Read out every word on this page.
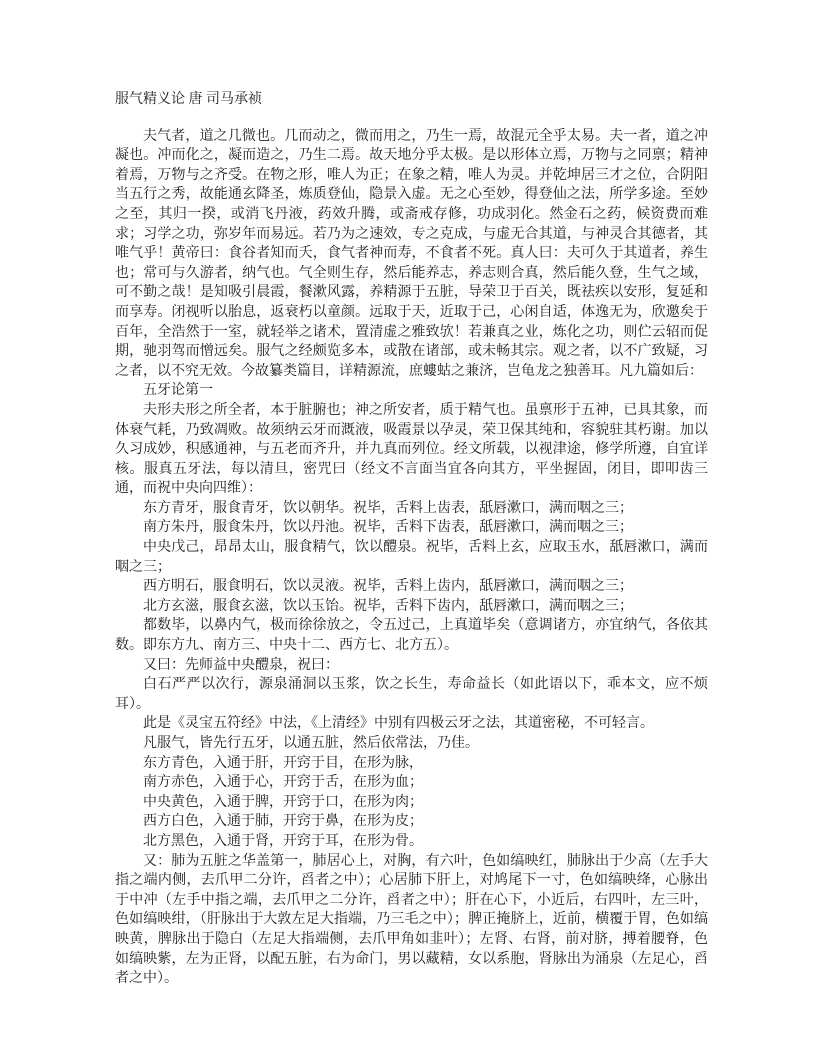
服气精义论 唐 司马承祯

夫气者，道之几微也。几而动之，微而用之，乃生一焉，故混元全乎太易。夫一者，道之冲凝也。冲而化之，凝而造之，乃生二焉。故天地分乎太极。是以形体立焉，万物与之同禀；精神着焉，万物与之齐受。在物之形，唯人为正；在象之精，唯人为灵。并乾坤居三才之位，合阴阳当五行之秀，故能通玄降圣，炼质登仙，隐景入虚。无之心至妙，得登仙之法，所学多途。至妙之至，其归一揆，或消飞丹液，药效升腾，或斋戒存修，功成羽化。然金石之药，候资费而难求；习学之功，弥岁年而易远。若乃为之速效，专之克成，与虚无合其道，与神灵合其德者，其唯气乎！黄帝曰：食谷者知而夭，食气者神而寿，不食者不死。真人曰：夫可久于其道者，养生也；常可与久游者，纳气也。气全则生存，然后能养志，养志则合真，然后能久登，生气之域，可不勤之哉！是知吸引晨霞，餐漱风露，养精源于五脏，导荣卫于百关，既祛疾以安形，复延和而享寿。闭视听以胎息，返衰朽以童颜。远取于天，近取于己，心闲自适，体逸无为，欣邀矣于百年，全浩然于一室，就轻举之诸术，置清虚之雅致欤！若兼真之业，炼化之功，则伫云轺而促期，驰羽驾而憎远矣。服气之经颇览多本，或散在诸部，或未畅其宗。观之者，以不广致疑，习之者，以不究无效。今故纂类篇目，详精源流，庶螻蛄之兼济，岂龟龙之独善耳。凡九篇如后：

五牙论第一

夫形夫形之所全者，本于脏腑也；神之所安者，质于精气也。虽禀形于五神，已具其象，而体衰气耗，乃致凋败。故须纳云牙而溉液，吸霞景以孕灵，荣卫保其纯和，容貌驻其朽谢。加以久习成妙，积感通神，与五老而齐升，并九真而列位。经文所载，以视津途，修学所遵，自宜详核。服真五牙法，每以清旦，密咒曰（经文不言面当宜各向其方，平坐握固，闭目，即叩齿三通，而祝中央向四维）：

东方青牙，服食青牙，饮以朝华。祝毕，舌料上齿表，舐唇漱口，满而咽之三；

南方朱丹，服食朱丹，饮以丹池。祝毕，舌料下齿表，舐唇漱口，满而咽之三；

中央戊己，昂昂太山，服食精气，饮以醴泉。祝毕，舌料上玄，应取玉水，舐唇漱口，满而咽之三；

西方明石，服食明石，饮以灵液。祝毕，舌料上齿内，舐唇漱口，满而咽之三；

北方玄滋，服食玄滋，饮以玉饴。祝毕，舌料下齿内，舐唇漱口，满而咽之三；

都数毕，以鼻内气，极而徐徐放之，令五过己，上真道毕矣（意调诸方，亦宜纳气，各依其数。即东方九、南方三、中央十二、西方七、北方五）。

又曰：先师益中央醴泉，祝曰：

白石严严以次行，源泉涌洞以玉浆，饮之长生，寿命益长（如此语以下，乖本文，应不烦耳）。

此是《灵宝五符经》中法，《上清经》中别有四极云牙之法，其道密秘，不可轻言。

凡服气，皆先行五牙，以通五脏，然后依常法，乃佳。

东方青色，入通于肝，开窍于目，在形为脉，

南方赤色，入通于心，开窍于舌，在形为血；

中央黄色，入通于脾，开窍于口，在形为肉；

西方白色，入通于肺，开窍于鼻，在形为皮；

北方黑色，入通于肾，开窍于耳，在形为骨。

又：肺为五脏之华盖第一，肺居心上，对胸，有六叶，色如缟映红，肺脉出于少高（左手大指之端内侧，去爪甲二分许，舀者之中）；心居肺下肝上，对鸠尾下一寸，色如缟映绛，心脉出于中冲（左手中指之端，去爪甲之二分许，舀者之中）；肝在心下，小近后，右四叶，左三叶，色如缟映绀，（肝脉出于大敦左足大指端，乃三毛之中）；脾正掩脐上，近前，横覆于胃，色如缟映黄，脾脉出于隐白（左足大指端侧，去爪甲角如韭叶）；左肾、右肾，前对脐，搏着腰脊，色如缟映紫，左为正肾，以配五脏，右为命门，男以藏精，女以系胞，肾脉出为涌泉（左足心，舀者之中）。
